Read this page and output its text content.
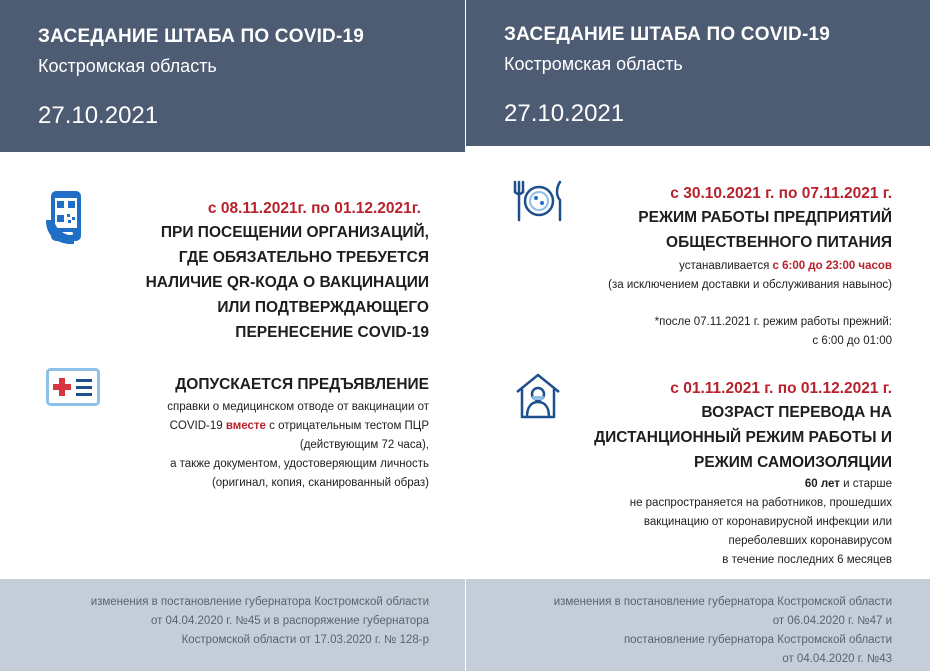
ЗАСЕДАНИЕ ШТАБА ПО COVID-19
Костромская область
27.10.2021
с 08.11.2021г. по 01.12.2021г.
ПРИ ПОСЕЩЕНИИ ОРГАНИЗАЦИЙ,
ГДЕ ОБЯЗАТЕЛЬНО ТРЕБУЕТСЯ
НАЛИЧИЕ QR-КОДА О ВАКЦИНАЦИИ
ИЛИ ПОДТВЕРЖДАЮЩЕГО
ПЕРЕНЕСЕНИЕ COVID-19
ДОПУСКАЕТСЯ ПРЕДЪЯВЛЕНИЕ
справки о медицинском отводе от вакцинации от
COVID-19 вместе с отрицательным тестом ПЦР
(действующим 72 часа),
а также документом, удостоверяющим личность
(оригинал, копия, сканированный образ)
изменения в постановление губернатора Костромской области
от 04.04.2020 г. №45 и в распоряжение губернатора
Костромской области от 17.03.2020 г. № 128-р
ЗАСЕДАНИЕ ШТАБА ПО COVID-19
Костромская область
27.10.2021
с 30.10.2021 г. по 07.11.2021 г.
РЕЖИМ РАБОТЫ ПРЕДПРИЯТИЙ
ОБЩЕСТВЕННОГО ПИТАНИЯ
устанавливается с 6:00 до 23:00 часов
(за исключением доставки и обслуживания навынос)
*после 07.11.2021 г. режим работы прежний:
с 6:00 до 01:00
с 01.11.2021 г. по 01.12.2021 г.
ВОЗРАСТ ПЕРЕВОДА НА
ДИСТАНЦИОННЫЙ РЕЖИМ РАБОТЫ И
РЕЖИМ САМОИЗОЛЯЦИИ
60 лет и старше
не распространяется на работников, прошедших
вакцинацию от коронавирусной инфекции или
переболевших коронавирусом
в течение последних 6 месяцев
изменения в постановление губернатора Костромской области
от 06.04.2020 г. №47 и
постановление губернатора Костромской области
от 04.04.2020 г. №43
